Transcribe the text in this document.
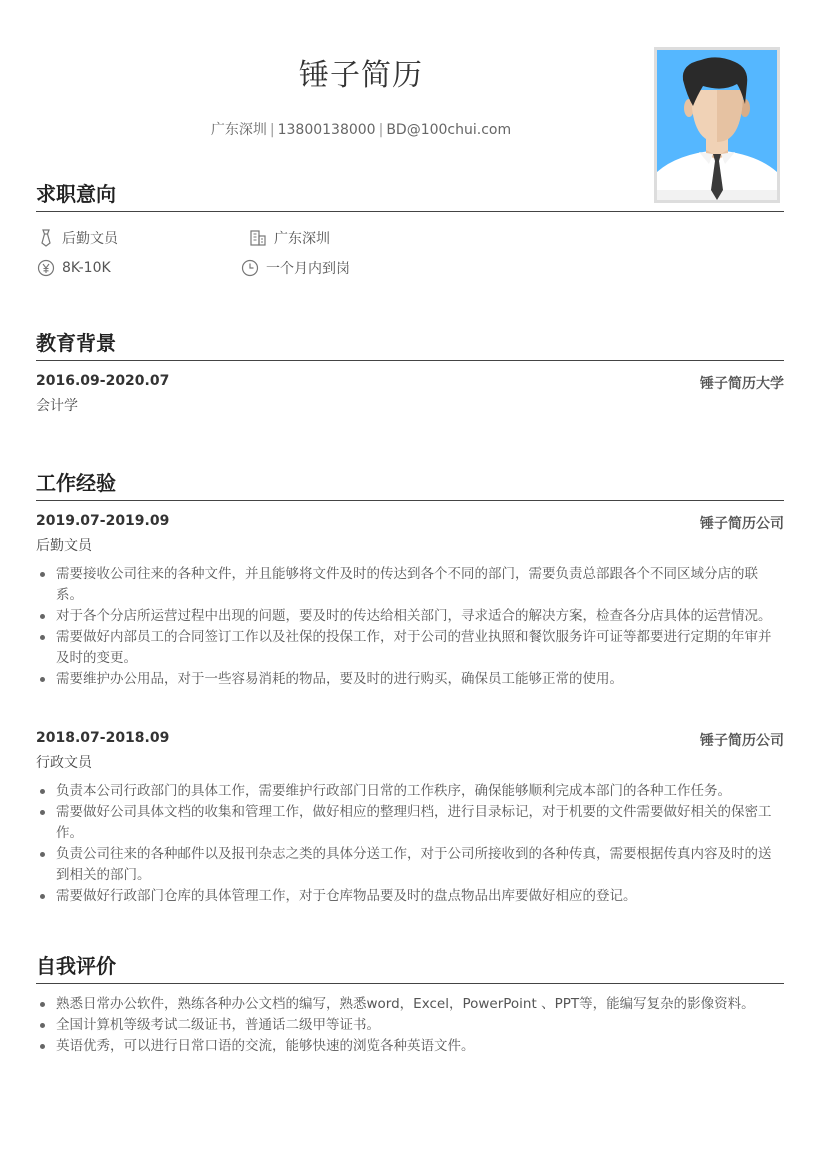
锤子简历
广东深圳 | 13800138000 | BD@100chui.com
求职意向
后勤文员	广东深圳
8K-10K	一个月内到岗
教育背景
2016.09-2020.07	锤子简历大学
会计学
工作经验
2019.07-2019.09	锤子简历公司
后勤文员
需要接收公司往来的各种文件，并且能够将文件及时的传达到各个不同的部门，需要负责总部跟各个不同区域分店的联系。
对于各个分店所运营过程中出现的问题，要及时的传达给相关部门，寻求适合的解决方案，检查各分店具体的运营情况。
需要做好内部员工的合同签订工作以及社保的投保工作，对于公司的营业执照和餐饮服务许可证等都要进行定期的年审并及时的变更。
需要维护办公用品，对于一些容易消耗的物品，要及时的进行购买，确保员工能够正常的使用。
2018.07-2018.09	锤子简历公司
行政文员
负责本公司行政部门的具体工作，需要维护行政部门日常的工作秩序，确保能够顺利完成本部门的各种工作任务。
需要做好公司具体文档的收集和管理工作，做好相应的整理归档，进行目录标记，对于机要的文件需要做好相关的保密工作。
负责公司往来的各种邮件以及报刊杂志之类的具体分送工作，对于公司所接收到的各种传真，需要根据传真内容及时的送到相关的部门。
需要做好行政部门仓库的具体管理工作，对于仓库物品要及时的盘点物品出库要做好相应的登记。
自我评价
熟悉日常办公软件，熟练各种办公文档的编写，熟悉word，Excel，PowerPoint 、PPT等，能编写复杂的影像资料。
全国计算机等级考试二级证书，普通话二级甲等证书。
英语优秀，可以进行日常口语的交流，能够快速的浏览各种英语文件。
